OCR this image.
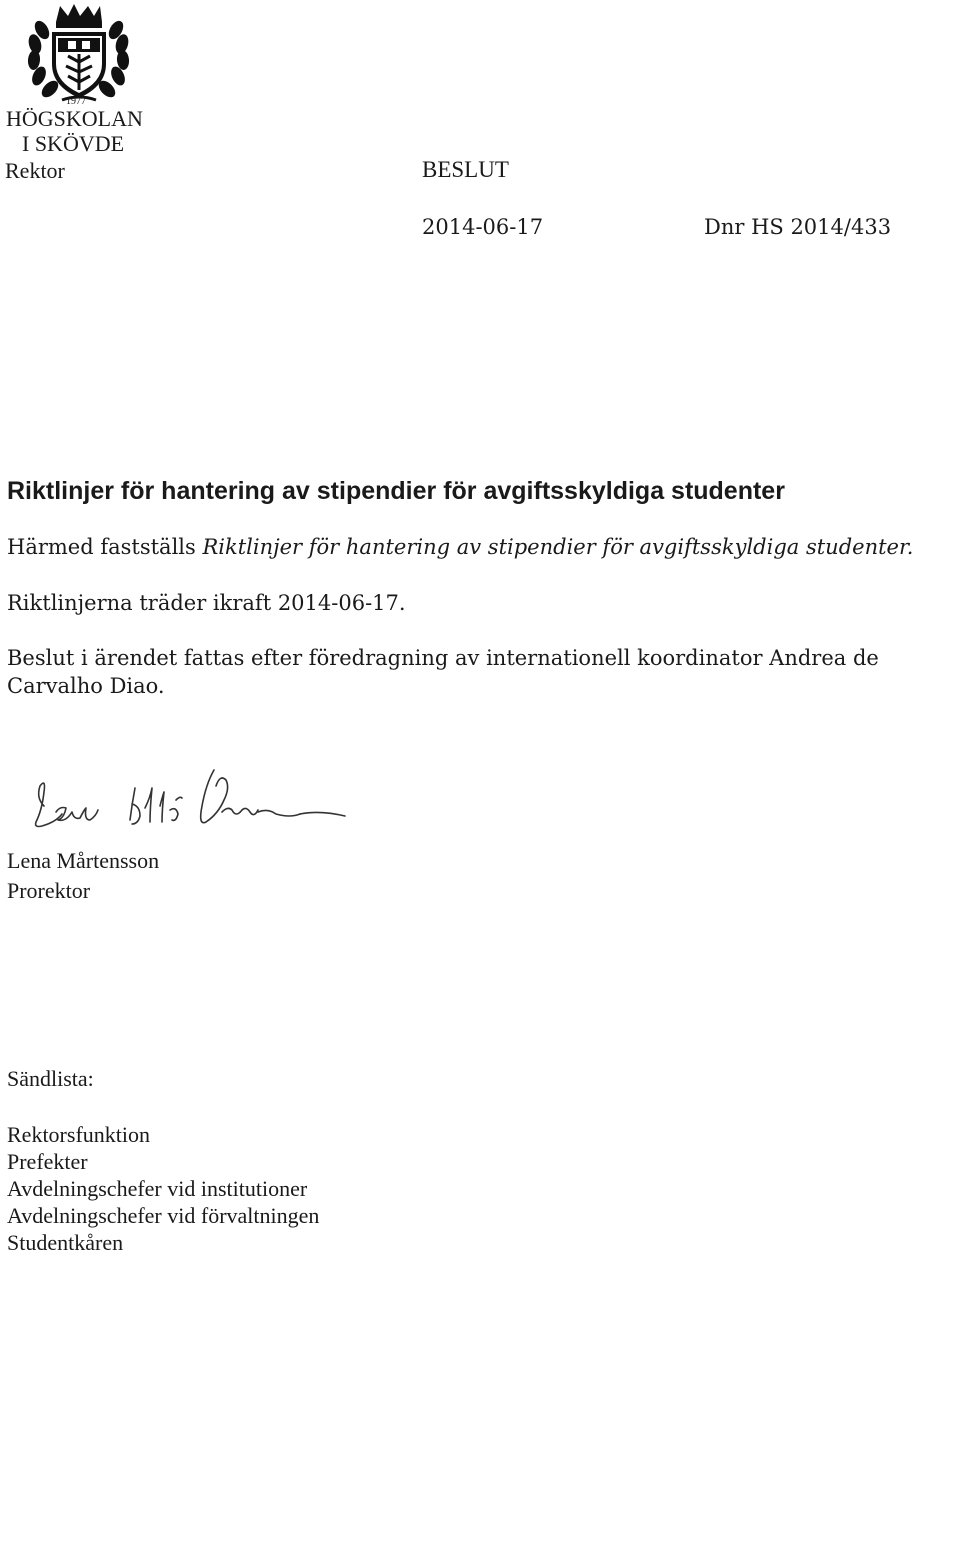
1977
HÖGSKOLAN
I SKÖVDE
Rektor	BESLUT
2014-06-17	Dnr HS 2014/433
Riktlinjer för hantering av stipendier för avgiftsskyldiga studenter
Härmed fastställs Riktlinjer för hantering av stipendier för avgiftsskyldiga studenter.
Riktlinjerna träder ikraft 2014-06-17.
Beslut i ärendet fattas efter föredragning av internationell koordinator Andrea de
Carvalho Diao.
Lena Mårtensson
Prorektor
Sändlista:
Rektorsfunktion
Prefekter
Avdelningschefer vid institutioner
Avdelningschefer vid förvaltningen
Studentkåren
